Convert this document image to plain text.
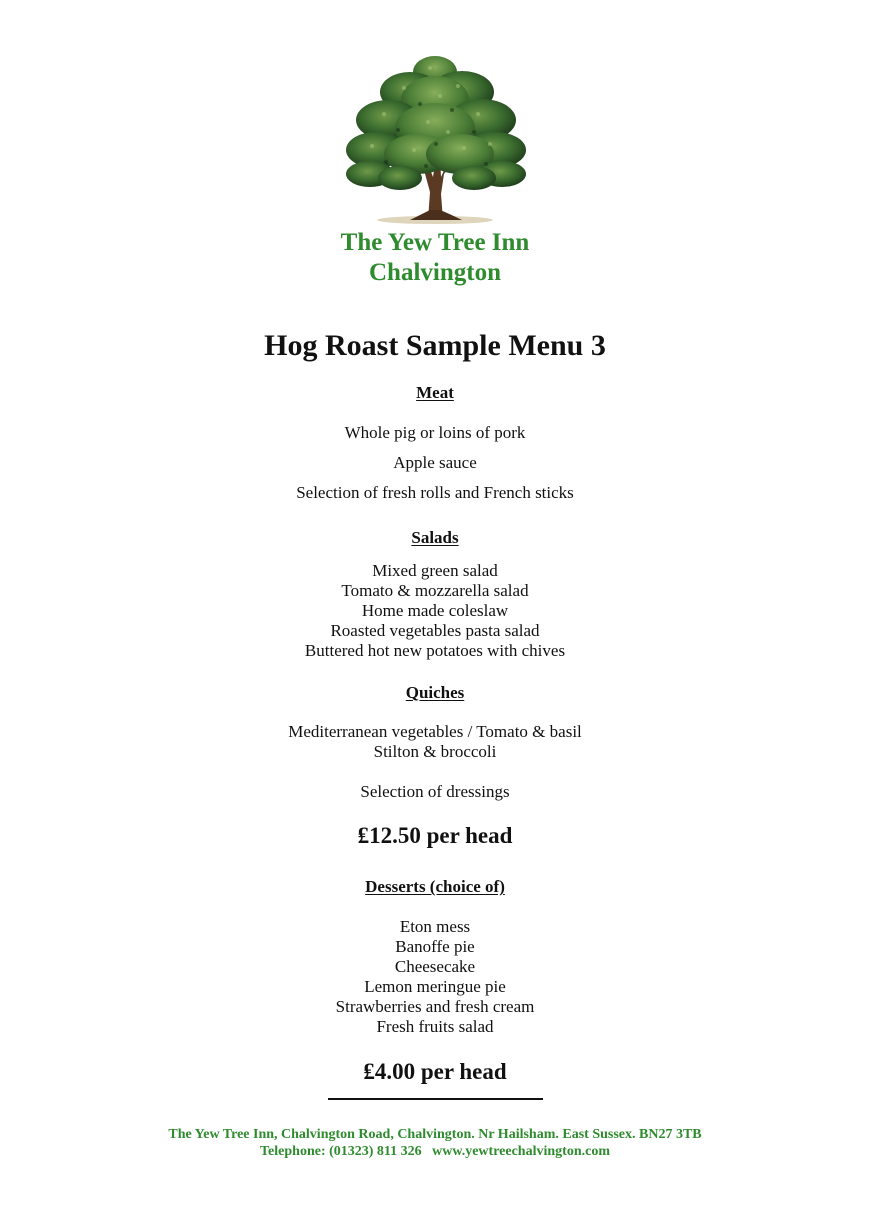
The Yew Tree Inn
Chalvington
Hog Roast Sample Menu 3
Meat
Whole pig or loins of pork
Apple sauce
Selection of fresh rolls and French sticks
Salads
Mixed green salad
Tomato & mozzarella salad
Home made coleslaw
Roasted vegetables pasta salad
Buttered hot new potatoes with chives
Quiches
Mediterranean vegetables / Tomato & basil
Stilton & broccoli
Selection of dressings
₤12.50 per head
Desserts (choice of)
Eton mess
Banoffe pie
Cheesecake
Lemon meringue pie
Strawberries and fresh cream
Fresh fruits salad
₤4.00 per head
The Yew Tree Inn, Chalvington Road, Chalvington. Nr Hailsham. East Sussex. BN27 3TB
Telephone: (01323) 811 326   www.yewtreechalvington.com
